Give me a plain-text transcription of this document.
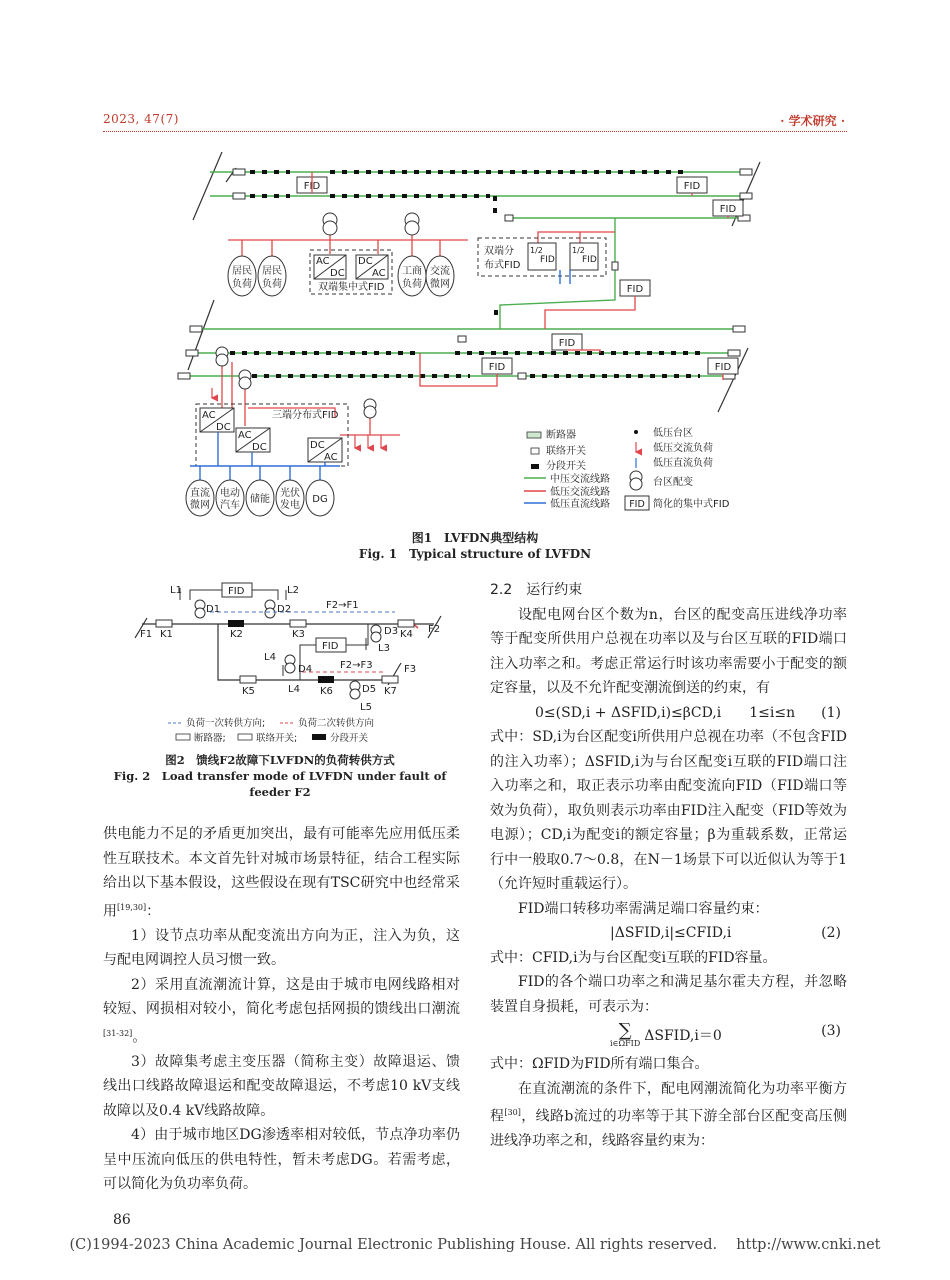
2023, 47(7)	· 学术研究 ·
FID	FID
FID
FID
FID
FID	FID
AC
DC
DC
AC
1/2
FID
1/2
FID
AC
DC
AC
DC	DC
AC
双端集中式FID
双端分
布式FID
三端分布式FID
居民
负荷
居民
负荷
工商
负荷
交流
微网
直流
微网
电动
汽车
储能
光伏
发电
DG	FID
断路器
联络开关
分段开关
中压交流线路
低压交流线路
低压直流线路
低压台区
低压交流负荷
低压直流负荷
台区配变
简化的集中式FID
图1　LVFDN典型结构
Fig. 1　Typical structure of LVFDN
L1	L2
L3
L4
L4
L5
D1	D2
D3
D4
D5
K1	K2	K3	K4
K5	K6	K7
F1	F2
F3
FID
FID
F2→F1
F2→F3
负荷一次转供方向;	负荷二次转供方向
断路器;	联络开关;	分段开关
图2　馈线F2故障下LVFDN的负荷转供方式
Fig. 2　Load transfer mode of LVFDN under fault of
feeder F2

供电能力不足的矛盾更加突出，最有可能率先应用低压柔性互联技术。本文首先针对城市场景特征，结合工程实际给出以下基本假设，这些假设在现有TSC研究中也经常采用[19,30]：

1）设节点功率从配变流出方向为正，注入为负，这与配电网调控人员习惯一致。

2）采用直流潮流计算，这是由于城市电网线路相对较短、网损相对较小，简化考虑包括网损的馈线出口潮流[31-32]。

3）故障集考虑主变压器（简称主变）故障退运、馈线出口线路故障退运和配变故障退运，不考虑10 kV支线故障以及0.4 kV线路故障。

4）由于城市地区DG渗透率相对较低，节点净功率仍呈中压流向低压的供电特性，暂未考虑DG。若需考虑，可以简化为负功率负荷。

2.2　运行约束

设配电网台区个数为n，台区的配变高压进线净功率等于配变所供用户总视在功率以及与台区互联的FID端口注入功率之和。考虑正常运行时该功率需要小于配变的额定容量，以及不允许配变潮流倒送的约束，有

0≤(SD,i + ΔSFID,i)≤βCD,i　　1≤i≤n (1)

式中：SD,i为台区配变i所供用户总视在功率（不包含FID的注入功率）；ΔSFID,i为与台区配变i互联的FID端口注入功率之和，取正表示功率由配变流向FID（FID端口等效为负荷），取负则表示功率由FID注入配变（FID等效为电源）；CD,i为配变i的额定容量；β为重载系数，正常运行中一般取0.7～0.8，在N－1场景下可以近似认为等于1（允许短时重载运行）。

FID端口转移功率需满足端口容量约束：

|ΔSFID,i|≤CFID,i	(2)

式中：CFID,i为与台区配变i互联的FID容量。

FID的各个端口功率之和满足基尔霍夫方程，并忽略装置自身损耗，可表示为：

∑
i∈ΩFID ΔSFID,i＝0	(3)

式中：ΩFID为FID所有端口集合。

在直流潮流的条件下，配电网潮流简化为功率平衡方程[30]，线路b流过的功率等于其下游全部台区配变高压侧进线净功率之和，线路容量约束为：

86
(C)1994-2023 China Academic Journal Electronic Publishing House. All rights reserved.　 http://www.cnki.net
